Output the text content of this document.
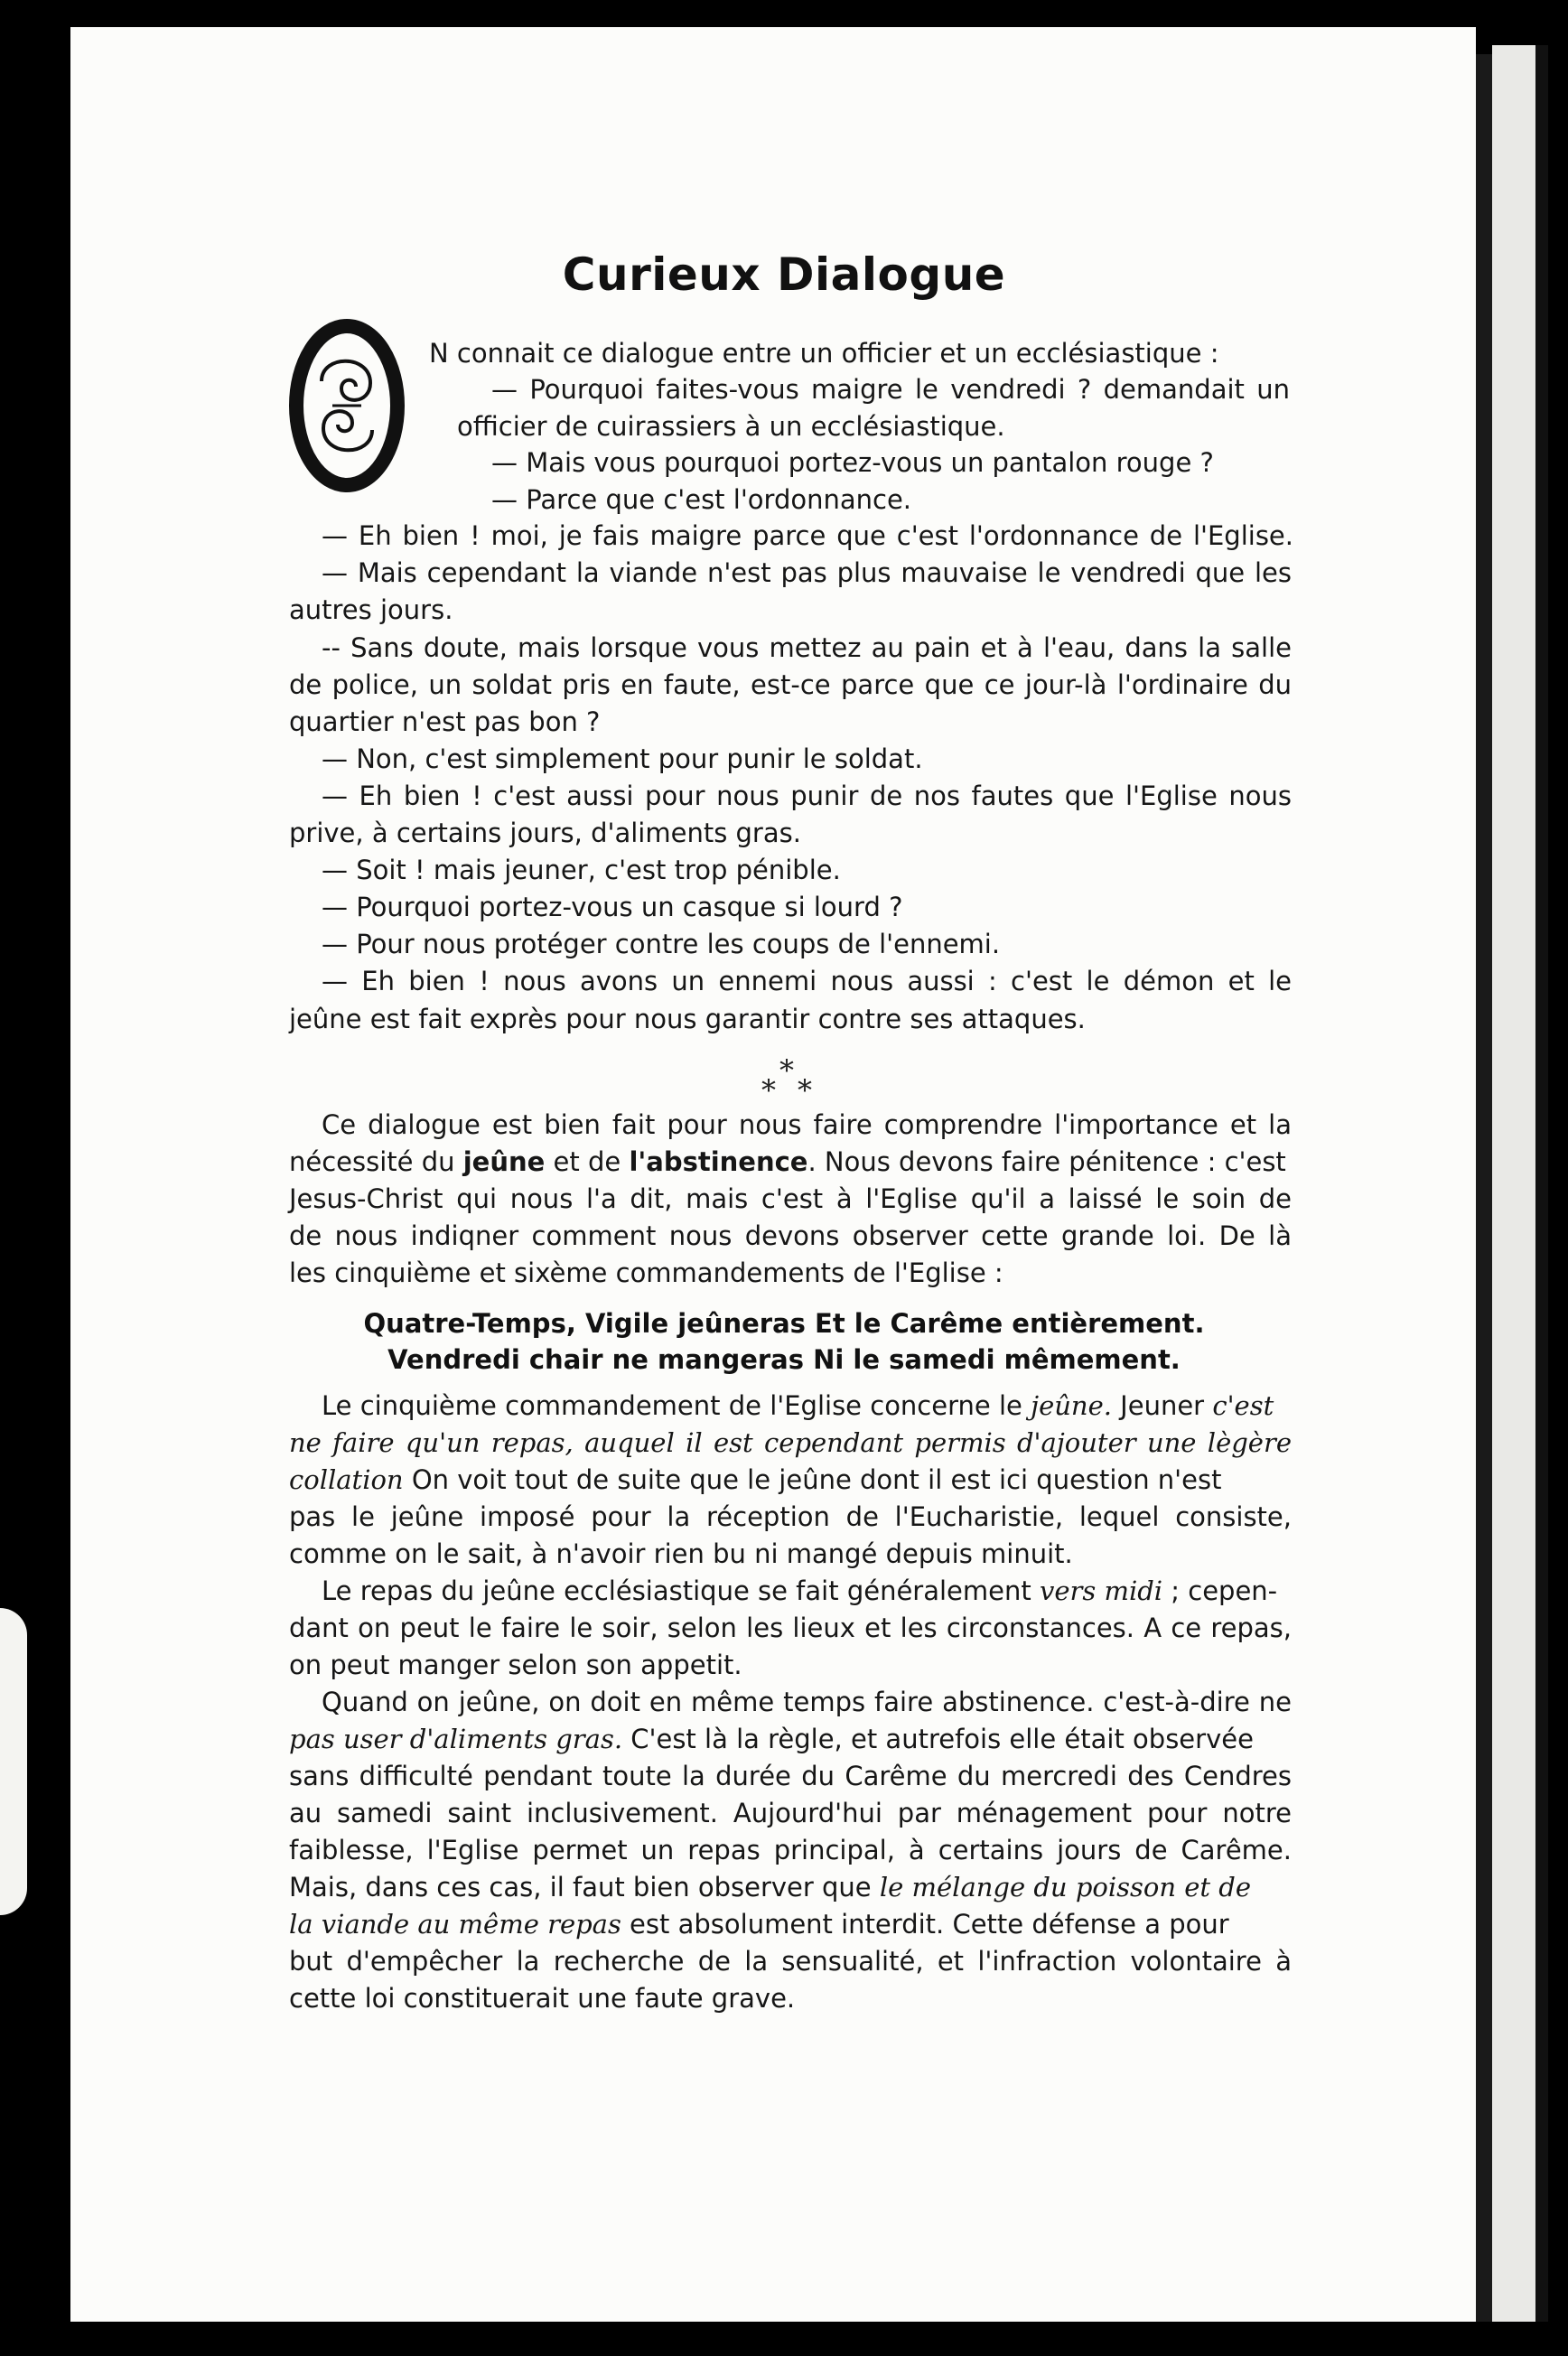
Curieux Dialogue
O
N connait ce dialogue entre un officier et un ecclésiastique :
— Pourquoi faites-vous maigre le vendredi ? demandait un
officier de cuirassiers à un ecclésiastique.
— Mais vous pourquoi portez-vous un pantalon rouge ?
— Parce que c'est l'ordonnance.
— Eh bien ! moi, je fais maigre parce que c'est l'ordonnance de l'Eglise.
— Mais cependant la viande n'est pas plus mauvaise le vendredi que les
autres jours.
-- Sans doute, mais lorsque vous mettez au pain et à l'eau, dans la salle
de police, un soldat pris en faute, est-ce parce que ce jour-là l'ordinaire du
quartier n'est pas bon ?
— Non, c'est simplement pour punir le soldat.
— Eh bien ! c'est aussi pour nous punir de nos fautes que l'Eglise nous
prive, à certains jours, d'aliments gras.
— Soit ! mais jeuner, c'est trop pénible.
— Pourquoi portez-vous un casque si lourd ?
— Pour nous protéger contre les coups de l'ennemi.
— Eh bien ! nous avons un ennemi nous aussi : c'est le démon et le
jeûne est fait exprès pour nous garantir contre ses attaques.
*
* *
Ce dialogue est bien fait pour nous faire comprendre l'importance et la
nécessité du jeûne et de l'abstinence. Nous devons faire pénitence : c'est
Jesus-Christ qui nous l'a dit, mais c'est à l'Eglise qu'il a laissé le soin de
de nous indiqner comment nous devons observer cette grande loi. De là
les cinquième et sixème commandements de l'Eglise :
Quatre-Temps, Vigile jeûneras Et le Carême entièrement.
Vendredi chair ne mangeras Ni le samedi mêmement.
Le cinquième commandement de l'Eglise concerne le jeûne. Jeuner c'est
ne faire qu'un repas, auquel il est cependant permis d'ajouter une lègère
collation On voit tout de suite que le jeûne dont il est ici question n'est
pas le jeûne imposé pour la réception de l'Eucharistie, lequel consiste,
comme on le sait, à n'avoir rien bu ni mangé depuis minuit.
Le repas du jeûne ecclésiastique se fait généralement vers midi ; cepen-
dant on peut le faire le soir, selon les lieux et les circonstances. A ce repas,
on peut manger selon son appetit.
Quand on jeûne, on doit en même temps faire abstinence. c'est-à-dire ne
pas user d'aliments gras. C'est là la règle, et autrefois elle était observée
sans difficulté pendant toute la durée du Carême du mercredi des Cendres
au samedi saint inclusivement. Aujourd'hui par ménagement pour notre
faiblesse, l'Eglise permet un repas principal, à certains jours de Carême.
Mais, dans ces cas, il faut bien observer que le mélange du poisson et de
la viande au même repas est absolument interdit. Cette défense a pour
but d'empêcher la recherche de la sensualité, et l'infraction volontaire à
cette loi constituerait une faute grave.
